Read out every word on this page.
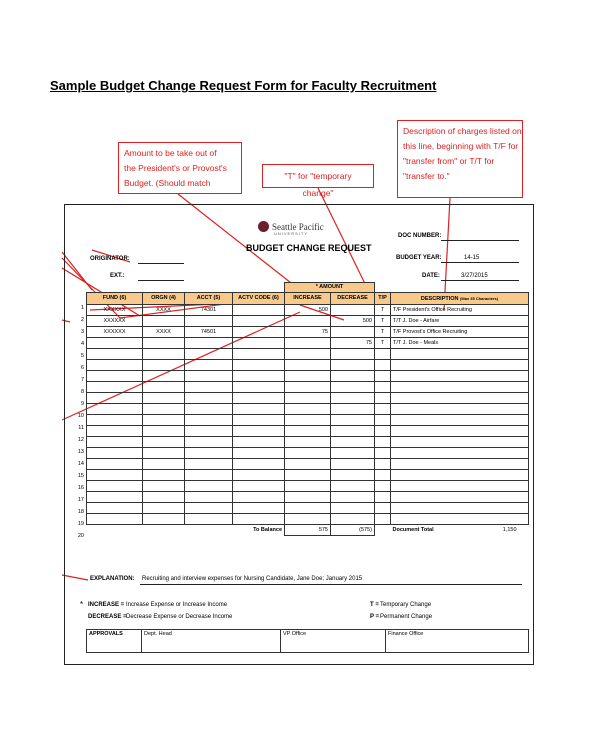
Sample Budget Change Request Form for Faculty Recruitment
Amount to be take out of
the President's or Provost's
Budget. (Should match
"T" for "temporary change"
Description of charges listed on
this line, beginning with T/F for
"transfer from" or T/T for
"transfer to."
Seattle Pacific
UNIVERSITY
BUDGET CHANGE REQUEST
DOC NUMBER:
BUDGET YEAR:	14-15
DATE:	3/27/2015
ORIGINATOR:
EXT.:
				* AMOUNT			
FUND (6)	ORGN (4)	ACCT (5)	ACTV CODE (6)	INCREASE	DECREASE	T/P	DESCRIPTION (Max 35 Characters)
XXXXXX	XXXX	74301		500		T	T/F President's Office Recruiting
XXXXXX					500	T	T/T J. Doe - Airfare
XXXXXX	XXXX	74501		75		T	T/F Provost's Office Recruiting
					75	T	T/T J. Doe - Meals

			To Balance	575	(575)		Document Total 1,150
EXPLANATION: Recruiting and interview expenses for Nursing Candidate, Jane Doe; January 2015
* INCREASE = Increase Expense or Increase Income
DECREASE = Decrease Expense or Decrease Income
T = Temporary Change
P = Permanent Change
APPROVALS	Dept. Head	VP Office	Finance Office
1
2
3
4
5
6
7
8
9
10
11
12
13
14
15
16
17
18
19
20
